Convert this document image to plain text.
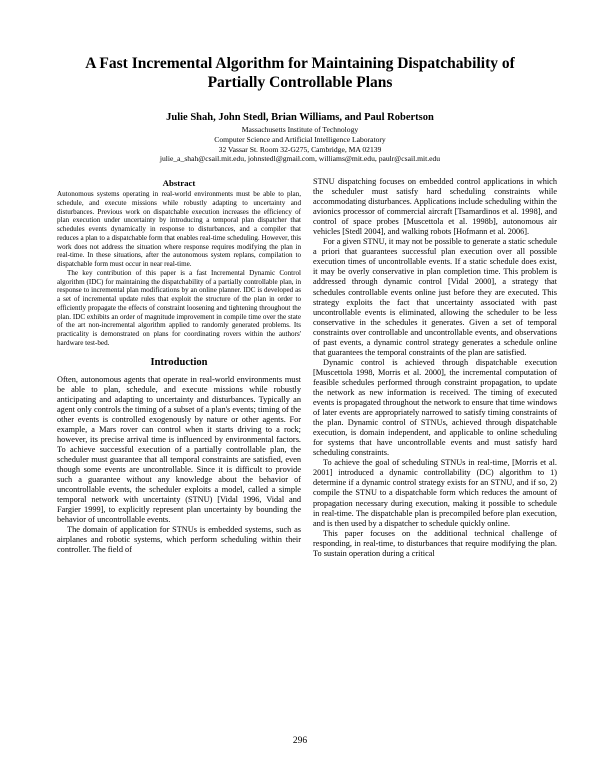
A Fast Incremental Algorithm for Maintaining Dispatchability of
Partially Controllable Plans
Julie Shah, John Stedl, Brian Williams, and Paul Robertson
Massachusetts Institute of Technology
Computer Science and Artificial Intelligence Laboratory
32 Vassar St. Room 32-G275, Cambridge, MA 02139
julie_a_shah@csail.mit.edu, johnstedl@gmail.com, williams@mit.edu, paulr@csail.mit.edu
Abstract

Autonomous systems operating in real-world environments must be able to plan, schedule, and execute missions while robustly adapting to uncertainty and disturbances. Previous work on dispatchable execution increases the efficiency of plan execution under uncertainty by introducing a temporal plan dispatcher that schedules events dynamically in response to disturbances, and a compiler that reduces a plan to a dispatchable form that enables real-time scheduling. However, this work does not address the situation where response requires modifying the plan in real-time. In these situations, after the autonomous system replans, compilation to dispatchable form must occur in near real-time.

The key contribution of this paper is a fast Incremental Dynamic Control algorithm (IDC) for maintaining the dispatchability of a partially controllable plan, in response to incremental plan modifications by an online planner. IDC is developed as a set of incremental update rules that exploit the structure of the plan in order to efficiently propagate the effects of constraint loosening and tightening throughout the plan. IDC exhibits an order of magnitude improvement in compile time over the state of the art non-incremental algorithm applied to randomly generated problems. Its practicality is demonstrated on plans for coordinating rovers within the authors' hardware test-bed.

Introduction

Often, autonomous agents that operate in real-world environments must be able to plan, schedule, and execute missions while robustly anticipating and adapting to uncertainty and disturbances. Typically an agent only controls the timing of a subset of a plan's events; timing of the other events is controlled exogenously by nature or other agents. For example, a Mars rover can control when it starts driving to a rock; however, its precise arrival time is influenced by environmental factors. To achieve successful execution of a partially controllable plan, the scheduler must guarantee that all temporal constraints are satisfied, even though some events are uncontrollable. Since it is difficult to provide such a guarantee without any knowledge about the behavior of uncontrollable events, the scheduler exploits a model, called a simple temporal network with uncertainty (STNU) [Vidal 1996, Vidal and Fargier 1999], to explicitly represent plan uncertainty by bounding the behavior of uncontrollable events.

The domain of application for STNUs is embedded systems, such as airplanes and robotic systems, which perform scheduling within their controller. The field of

STNU dispatching focuses on embedded control applications in which the scheduler must satisfy hard scheduling constraints while accommodating disturbances. Applications include scheduling within the avionics processor of commercial aircraft [Tsamardinos et al. 1998], and control of space probes [Muscettola et al. 1998b], autonomous air vehicles [Stedl 2004], and walking robots [Hofmann et al. 2006].

For a given STNU, it may not be possible to generate a static schedule a priori that guarantees successful plan execution over all possible execution times of uncontrollable events. If a static schedule does exist, it may be overly conservative in plan completion time. This problem is addressed through dynamic control [Vidal 2000], a strategy that schedules controllable events online just before they are executed. This strategy exploits the fact that uncertainty associated with past uncontrollable events is eliminated, allowing the scheduler to be less conservative in the schedules it generates. Given a set of temporal constraints over controllable and uncontrollable events, and observations of past events, a dynamic control strategy generates a schedule online that guarantees the temporal constraints of the plan are satisfied.

Dynamic control is achieved through dispatchable execution [Muscettola 1998, Morris et al. 2000], the incremental computation of feasible schedules performed through constraint propagation, to update the network as new information is received. The timing of executed events is propagated throughout the network to ensure that time windows of later events are appropriately narrowed to satisfy timing constraints of the plan. Dynamic control of STNUs, achieved through dispatchable execution, is domain independent, and applicable to online scheduling for systems that have uncontrollable events and must satisfy hard scheduling constraints.

To achieve the goal of scheduling STNUs in real-time, [Morris et al. 2001] introduced a dynamic controllability (DC) algorithm to 1) determine if a dynamic control strategy exists for an STNU, and if so, 2) compile the STNU to a dispatchable form which reduces the amount of propagation necessary during execution, making it possible to schedule in real-time. The dispatchable plan is precompiled before plan execution, and is then used by a dispatcher to schedule quickly online.

This paper focuses on the additional technical challenge of responding, in real-time, to disturbances that require modifying the plan. To sustain operation during a critical

296
